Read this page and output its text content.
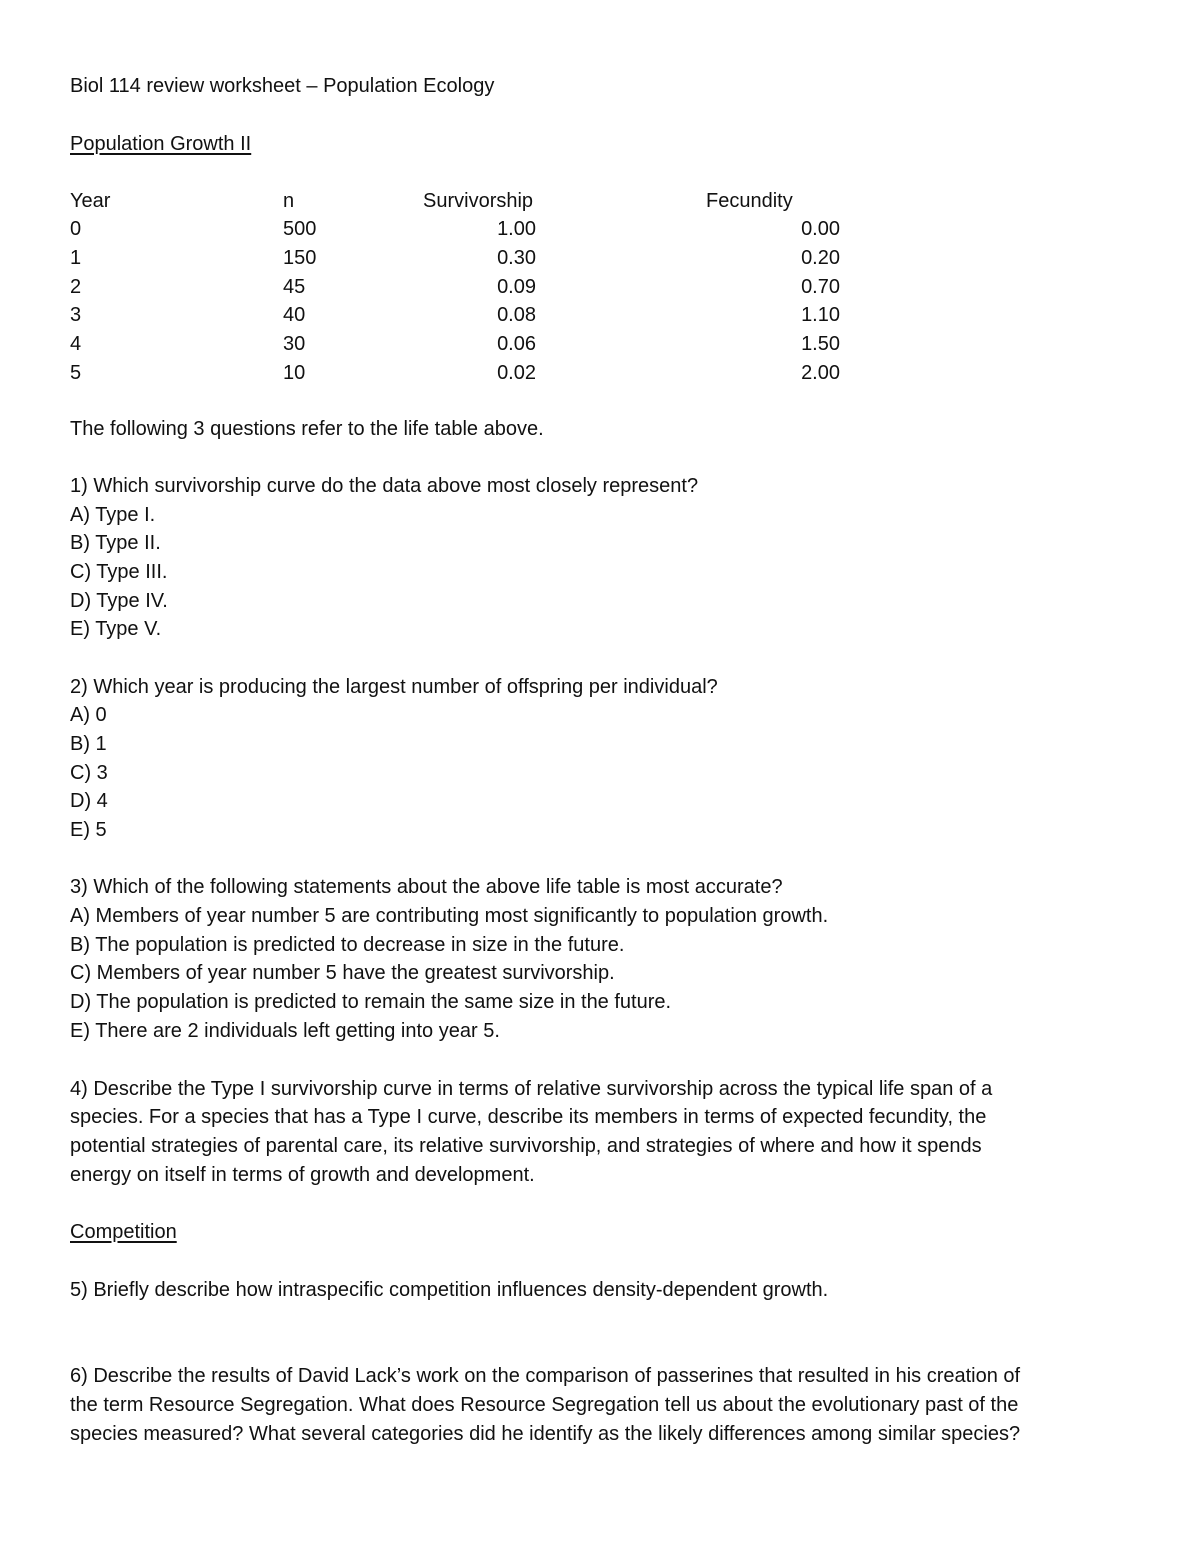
Biol 114 review worksheet – Population Ecology
Population Growth II
Year	n	Survivorship	Fecundity
0	500	1.00	0.00
1	150	0.30	0.20
2	45	0.09	0.70
3	40	0.08	1.10
4	30	0.06	1.50
5	10	0.02	2.00
The following 3 questions refer to the life table above.
1) Which survivorship curve do the data above most closely represent?
A) Type I.
B) Type II.
C) Type III.
D) Type IV.
E) Type V.
2) Which year is producing the largest number of offspring per individual?
A) 0
B) 1
C) 3
D) 4
E) 5
3) Which of the following statements about the above life table is most accurate?
A) Members of year number 5 are contributing most significantly to population growth.
B) The population is predicted to decrease in size in the future.
C) Members of year number 5 have the greatest survivorship.
D) The population is predicted to remain the same size in the future.
E) There are 2 individuals left getting into year 5.
4) Describe the Type I survivorship curve in terms of relative survivorship across the typical life span of a
species. For a species that has a Type I curve, describe its members in terms of expected fecundity, the
potential strategies of parental care, its relative survivorship, and strategies of where and how it spends
energy on itself in terms of growth and development.
Competition
5) Briefly describe how intraspecific competition influences density-dependent growth.
6) Describe the results of David Lack’s work on the comparison of passerines that resulted in his creation of
the term Resource Segregation. What does Resource Segregation tell us about the evolutionary past of the
species measured? What several categories did he identify as the likely differences among similar species?
